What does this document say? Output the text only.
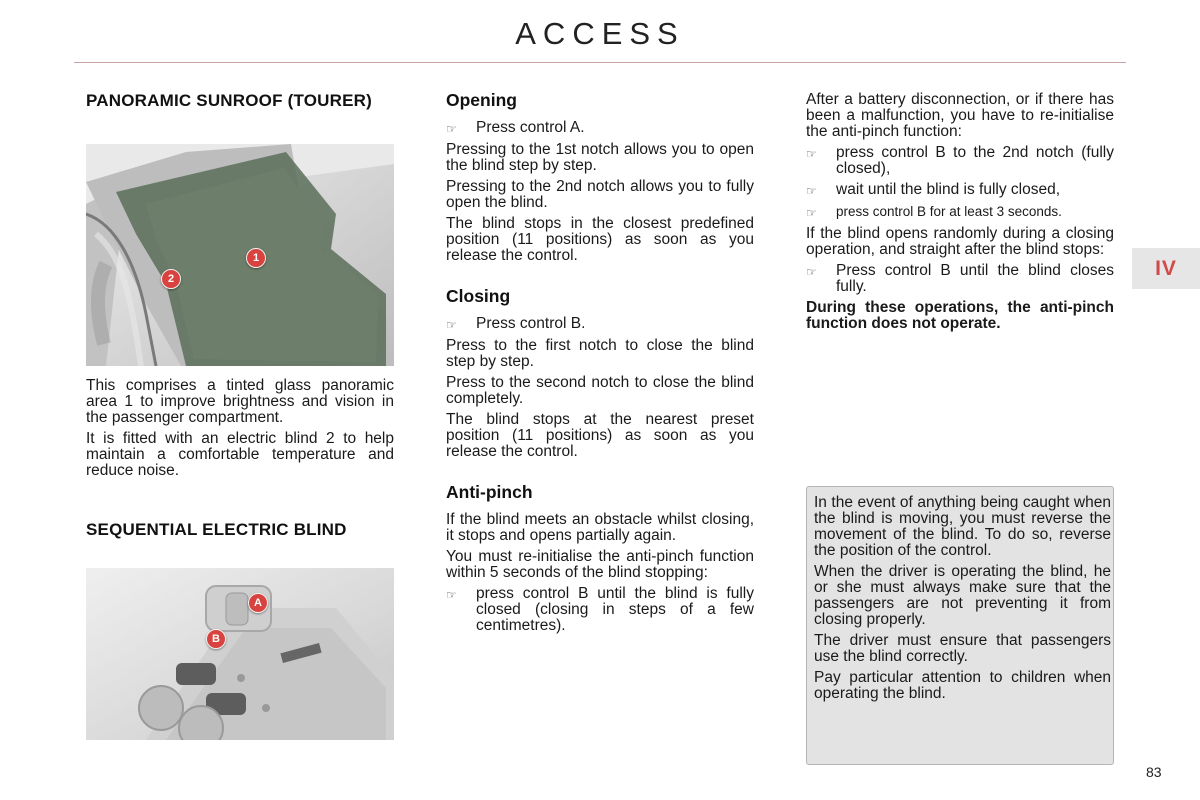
ACCESS
IV
PANORAMIC SUNROOF (TOURER)
1
2

This comprises a tinted glass panoramic area 1 to improve brightness and vision in the passenger compartment.

It is fitted with an electric blind 2 to help maintain a comfortable temperature and reduce noise.

SEQUENTIAL ELECTRIC BLIND
A
B
Opening
☞	Press control A.

Pressing to the 1st notch allows you to open the blind step by step.

Pressing to the 2nd notch allows you to fully open the blind.

The blind stops in the closest predefined position (11 positions) as soon as you release the control.

Closing
☞	Press control B.

Press to the first notch to close the blind step by step.

Press to the second notch to close the blind completely.

The blind stops at the nearest preset position (11 positions) as soon as you release the control.

Anti-pinch

If the blind meets an obstacle whilst closing, it stops and opens partially again.

You must re-initialise the anti-pinch function within 5 seconds of the blind stopping:

☞	press control B until the blind is fully closed (closing in steps of a few centimetres).

After a battery disconnection, or if there has been a malfunction, you have to re-initialise the anti-pinch function:

☞	press control B to the 2nd notch (fully closed),
☞	wait until the blind is fully closed,
☞	press control B for at least 3 seconds.

If the blind opens randomly during a closing operation, and straight after the blind stops:

☞	Press control B until the blind closes fully.

During these operations, the anti-pinch function does not operate.

In the event of anything being caught when the blind is moving, you must reverse the movement of the blind. To do so, reverse the position of the control.

When the driver is operating the blind, he or she must always make sure that the passengers are not preventing it from closing properly.

The driver must ensure that passengers use the blind correctly.

Pay particular attention to children when operating the blind.

83
